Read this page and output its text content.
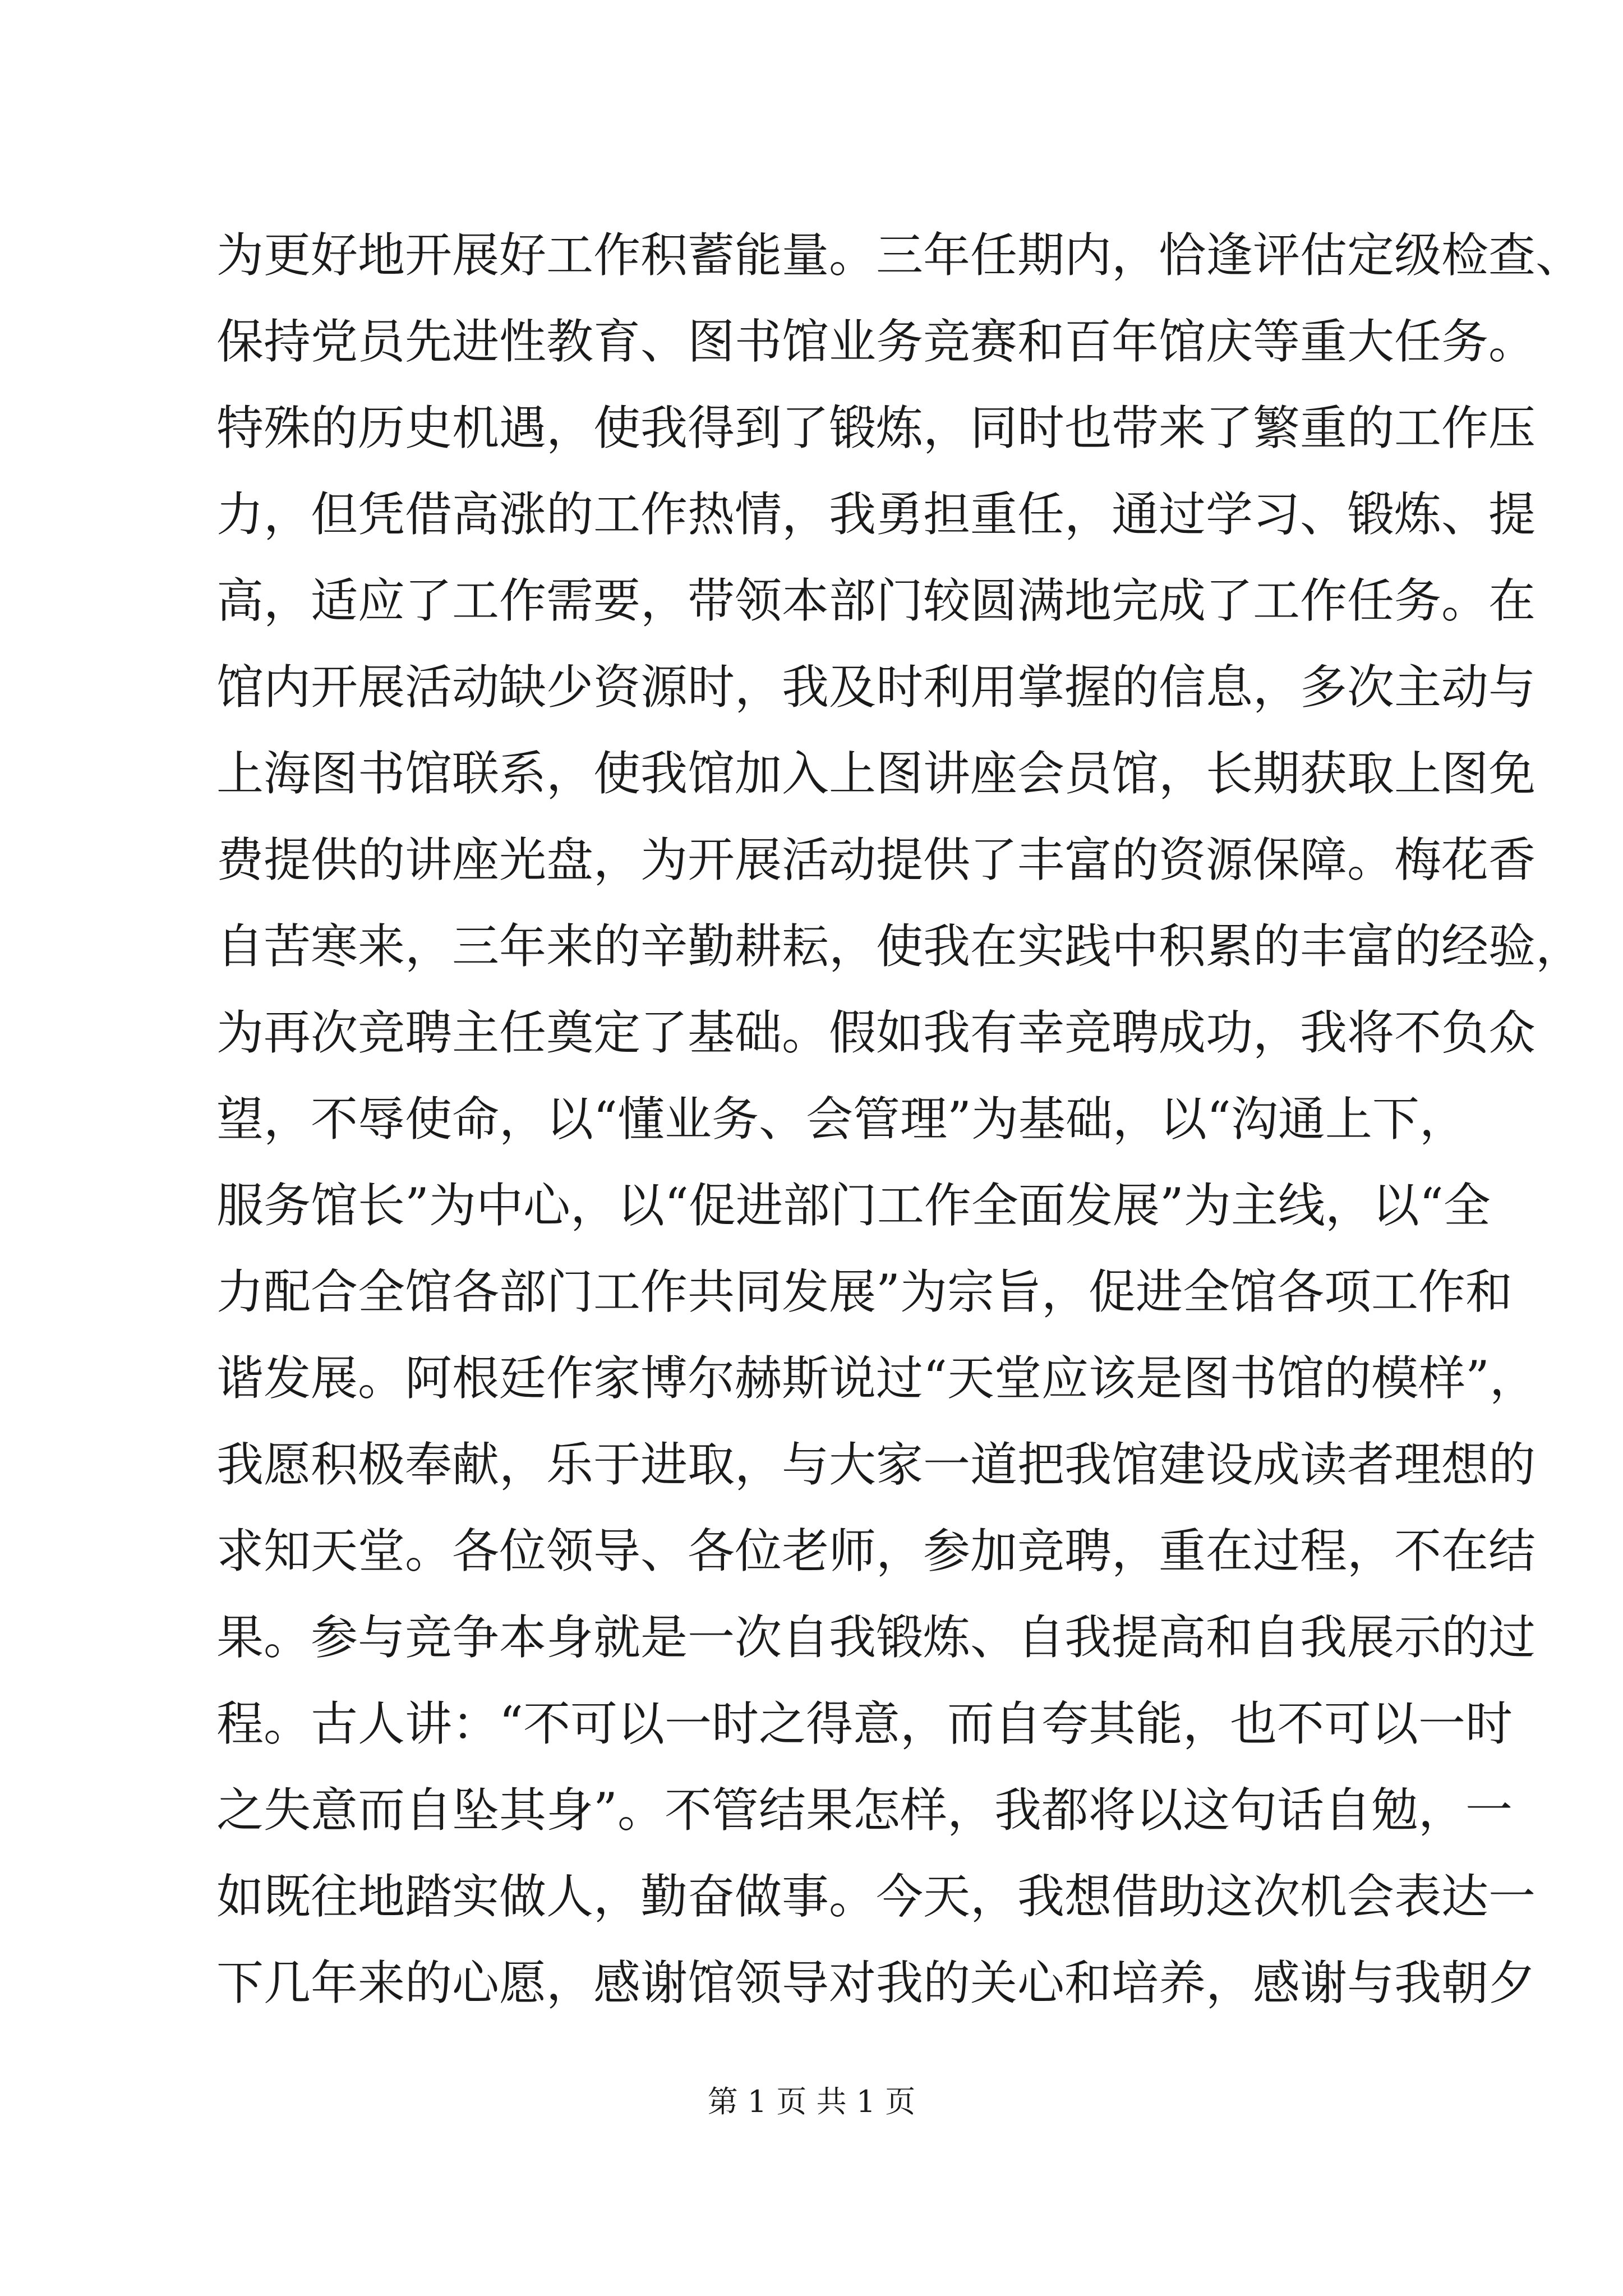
为更好地开展好工作积蓄能量。三年任期内，恰逢评估定级检查、
保持党员先进性教育、图书馆业务竞赛和百年馆庆等重大任务。
特殊的历史机遇，使我得到了锻炼，同时也带来了繁重的工作压
力，但凭借高涨的工作热情，我勇担重任，通过学习、锻炼、提
高，适应了工作需要，带领本部门较圆满地完成了工作任务。在
馆内开展活动缺少资源时，我及时利用掌握的信息，多次主动与
上海图书馆联系，使我馆加入上图讲座会员馆，长期获取上图免
费提供的讲座光盘，为开展活动提供了丰富的资源保障。梅花香
自苦寒来，三年来的辛勤耕耘，使我在实践中积累的丰富的经验，
为再次竞聘主任奠定了基础。假如我有幸竞聘成功，我将不负众
望，不辱使命，以“懂业务、会管理”为基础，以“沟通上下，
服务馆长”为中心，以“促进部门工作全面发展”为主线，以“全
力配合全馆各部门工作共同发展”为宗旨，促进全馆各项工作和
谐发展。阿根廷作家博尔赫斯说过“天堂应该是图书馆的模样”，
我愿积极奉献，乐于进取，与大家一道把我馆建设成读者理想的
求知天堂。各位领导、各位老师，参加竞聘，重在过程，不在结
果。参与竞争本身就是一次自我锻炼、自我提高和自我展示的过
程。古人讲：“不可以一时之得意，而自夸其能，也不可以一时
之失意而自坠其身”。不管结果怎样，我都将以这句话自勉，一
如既往地踏实做人，勤奋做事。今天，我想借助这次机会表达一
下几年来的心愿，感谢馆领导对我的关心和培养，感谢与我朝夕
第 1 页 共 1 页
